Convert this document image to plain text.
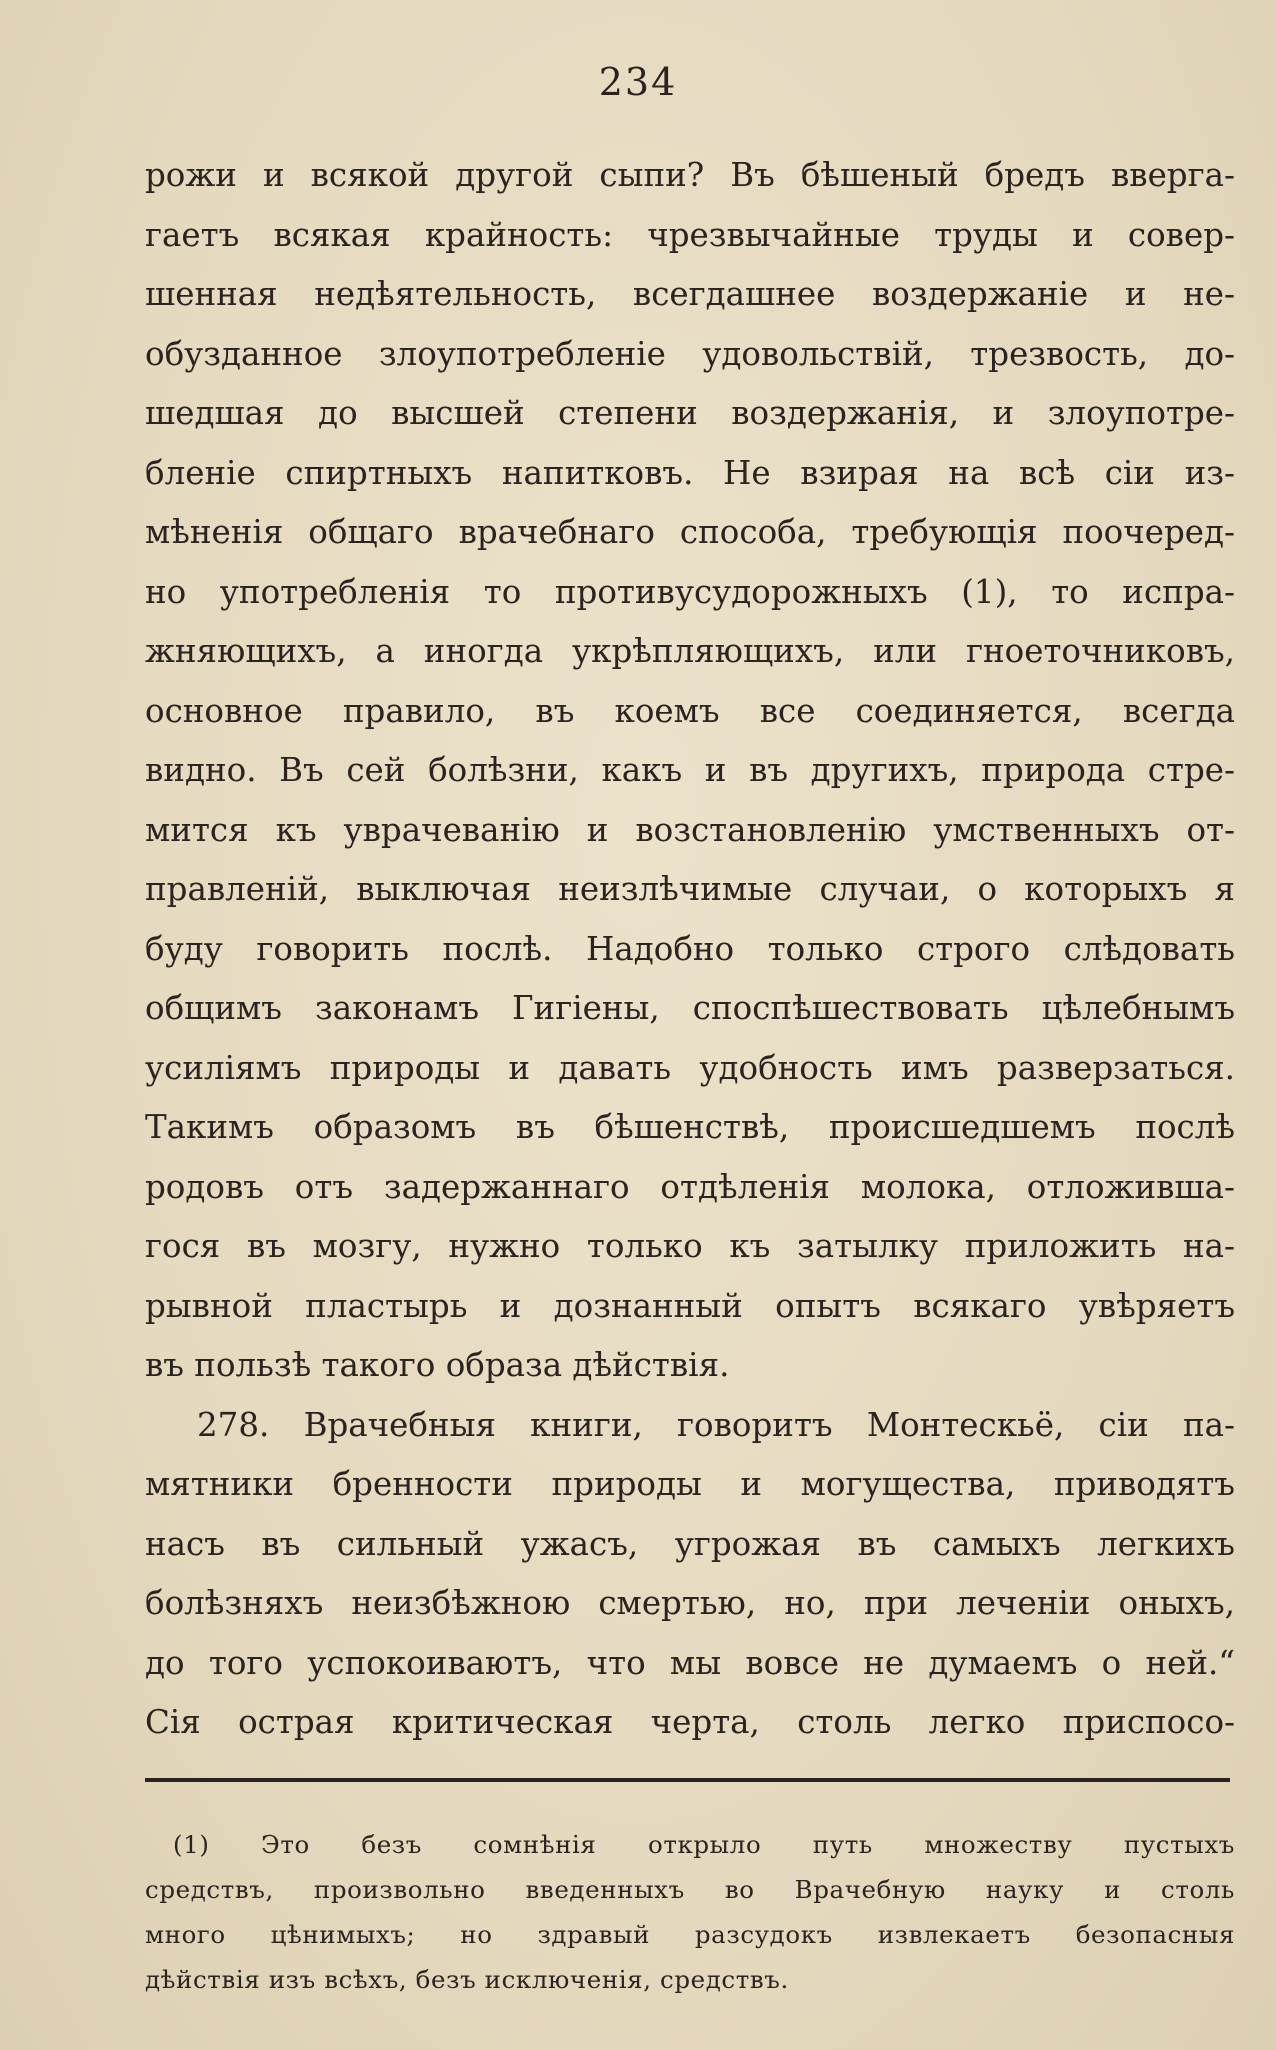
234
рожи и всякой другой сыпи? Въ бѣшеный бредъ вверга-
гаетъ всякая крайность: чрезвычайные труды и совер-
шенная недѣятельность, всегдашнее воздержаніе и не-
обузданное злоупотребленіе удовольствій, трезвость, до-
шедшая до высшей степени воздержанія, и злоупотре-
бленіе спиртныхъ напитковъ. Не взирая на всѣ сіи из-
мѣненія общаго врачебнаго способа, требующія поочеред-
но употребленія то противусудорожныхъ (1), то испра-
жняющихъ, а иногда укрѣпляющихъ, или гноеточниковъ,
основное правило, въ коемъ все соединяется, всегда
видно. Въ сей болѣзни, какъ и въ другихъ, природа стре-
мится къ уврачеванію и возстановленію умственныхъ от-
правленій, выключая неизлѣчимые случаи, о которыхъ я
буду говорить послѣ. Надобно только строго слѣдовать
общимъ законамъ Гигіены, споспѣшествовать цѣлебнымъ
усиліямъ природы и давать удобность имъ разверзаться.
Такимъ образомъ въ бѣшенствѣ, происшедшемъ послѣ
родовъ отъ задержаннаго отдѣленія молока, отложивша-
гося въ мозгу, нужно только къ затылку приложить на-
рывной пластырь и дознанный опытъ всякаго увѣряетъ
въ пользѣ такого образа дѣйствія.
278. Врачебныя книги, говоритъ Монтескьё, сіи па-
мятники бренности природы и могущества, приводятъ
насъ въ сильный ужасъ, угрожая въ самыхъ легкихъ
болѣзняхъ неизбѣжною смертью, но, при леченіи оныхъ,
до того успокоиваютъ, что мы вовсе не думаемъ о ней.“
Сія острая критическая черта, столь легко приспосо-
(1) Это безъ сомнѣнія открыло путь множеству пустыхъ
средствъ, произвольно введенныхъ во Врачебную науку и столь
много цѣнимыхъ; но здравый разсудокъ извлекаетъ безопасныя
дѣйствія изъ всѣхъ, безъ исключенія, средствъ.
